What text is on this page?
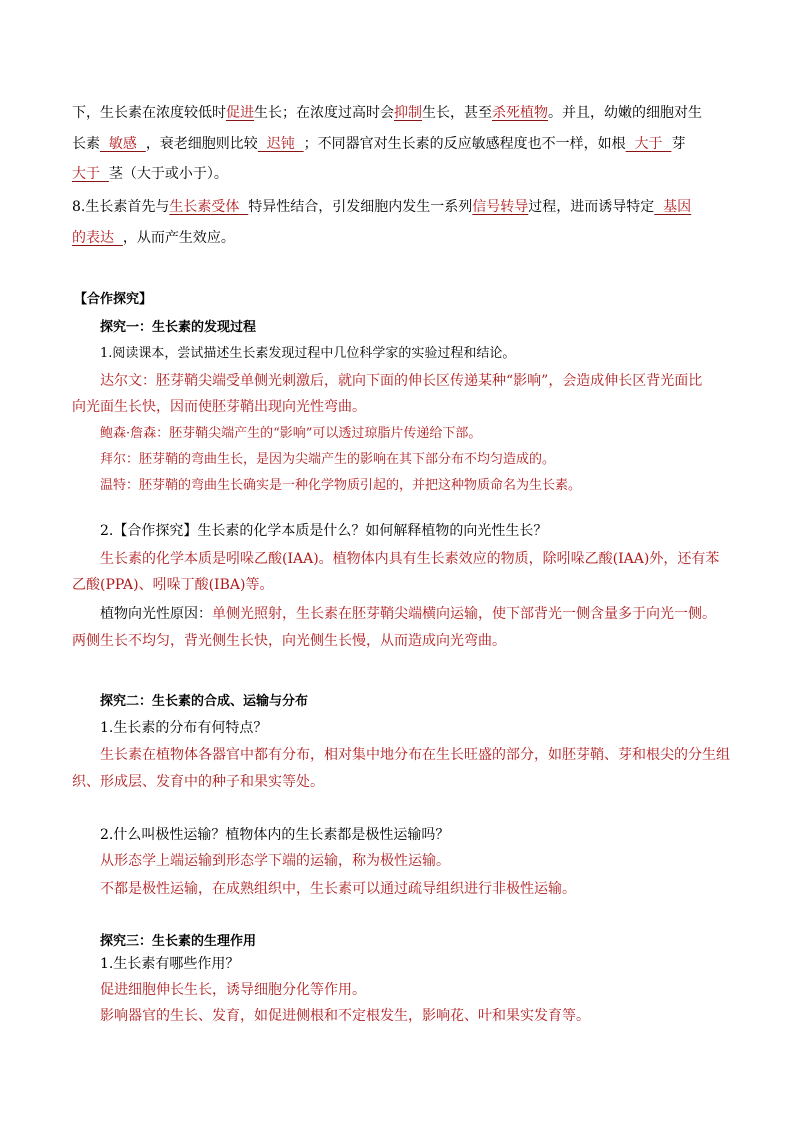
下，生长素在浓度较低时促进生长；在浓度过高时会抑制生长，甚至杀死植物。并且，幼嫩的细胞对生
长素  敏感  ，衰老细胞则比较  迟钝  ；不同器官对生长素的反应敏感程度也不一样，如根  大于  芽
大于  茎（大于或小于）。
8.生长素首先与生长素受体  特异性结合，引发细胞内发生一系列信号转导过程，进而诱导特定  基因
的表达  ，从而产生效应。
【合作探究】
探究一：生长素的发现过程
1.阅读课本，尝试描述生长素发现过程中几位科学家的实验过程和结论。
达尔文：胚芽鞘尖端受单侧光刺激后，就向下面的伸长区传递某种“影响”，会造成伸长区背光面比
向光面生长快，因而使胚芽鞘出现向光性弯曲。
鲍森·詹森：胚芽鞘尖端产生的“影响”可以透过琼脂片传递给下部。
拜尔：胚芽鞘的弯曲生长，是因为尖端产生的影响在其下部分布不均匀造成的。
温特：胚芽鞘的弯曲生长确实是一种化学物质引起的，并把这种物质命名为生长素。
2.【合作探究】生长素的化学本质是什么？如何解释植物的向光性生长？
生长素的化学本质是吲哚乙酸(IAA)。植物体内具有生长素效应的物质，除吲哚乙酸(IAA)外，还有苯
乙酸(PPA)、吲哚丁酸(IBA)等。
植物向光性原因：单侧光照射，生长素在胚芽鞘尖端横向运输，使下部背光一侧含量多于向光一侧。
两侧生长不均匀，背光侧生长快，向光侧生长慢，从而造成向光弯曲。
探究二：生长素的合成、运输与分布
1.生长素的分布有何特点？
生长素在植物体各器官中都有分布，相对集中地分布在生长旺盛的部分，如胚芽鞘、芽和根尖的分生组
织、形成层、发育中的种子和果实等处。
2.什么叫极性运输？植物体内的生长素都是极性运输吗？
从形态学上端运输到形态学下端的运输，称为极性运输。
不都是极性运输，在成熟组织中，生长素可以通过疏导组织进行非极性运输。
探究三：生长素的生理作用
1.生长素有哪些作用？
促进细胞伸长生长，诱导细胞分化等作用。
影响器官的生长、发育，如促进侧根和不定根发生，影响花、叶和果实发育等。
